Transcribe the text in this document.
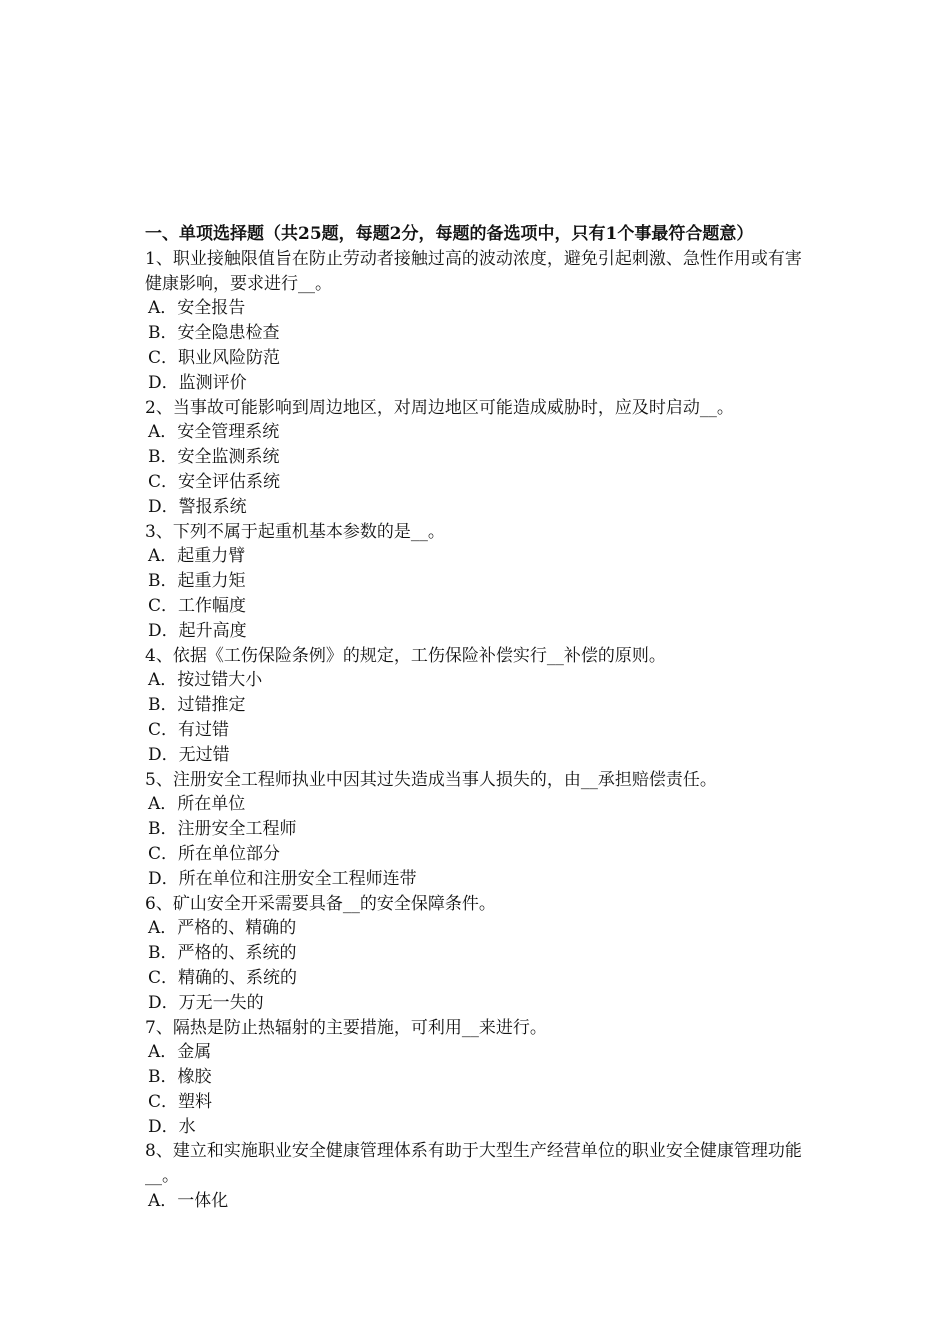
一、单项选择题（共25题，每题2分，每题的备选项中，只有1个事最符合题意）
1、职业接触限值旨在防止劳动者接触过高的波动浓度，避免引起刺激、急性作用或有害健康影响，要求进行__。
A．安全报告
B．安全隐患检查
C．职业风险防范
D．监测评价
2、当事故可能影响到周边地区，对周边地区可能造成威胁时，应及时启动__。
A．安全管理系统
B．安全监测系统
C．安全评估系统
D．警报系统
3、下列不属于起重机基本参数的是__。
A．起重力臂
B．起重力矩
C．工作幅度
D．起升高度
4、依据《工伤保险条例》的规定，工伤保险补偿实行__补偿的原则。
A．按过错大小
B．过错推定
C．有过错
D．无过错
5、注册安全工程师执业中因其过失造成当事人损失的，由__承担赔偿责任。
A．所在单位
B．注册安全工程师
C．所在单位部分
D．所在单位和注册安全工程师连带
6、矿山安全开采需要具备__的安全保障条件。
A．严格的、精确的
B．严格的、系统的
C．精确的、系统的
D．万无一失的
7、隔热是防止热辐射的主要措施，可利用__来进行。
A．金属
B．橡胶
C．塑料
D．水
8、建立和实施职业安全健康管理体系有助于大型生产经营单位的职业安全健康管理功能__。
A．一体化
